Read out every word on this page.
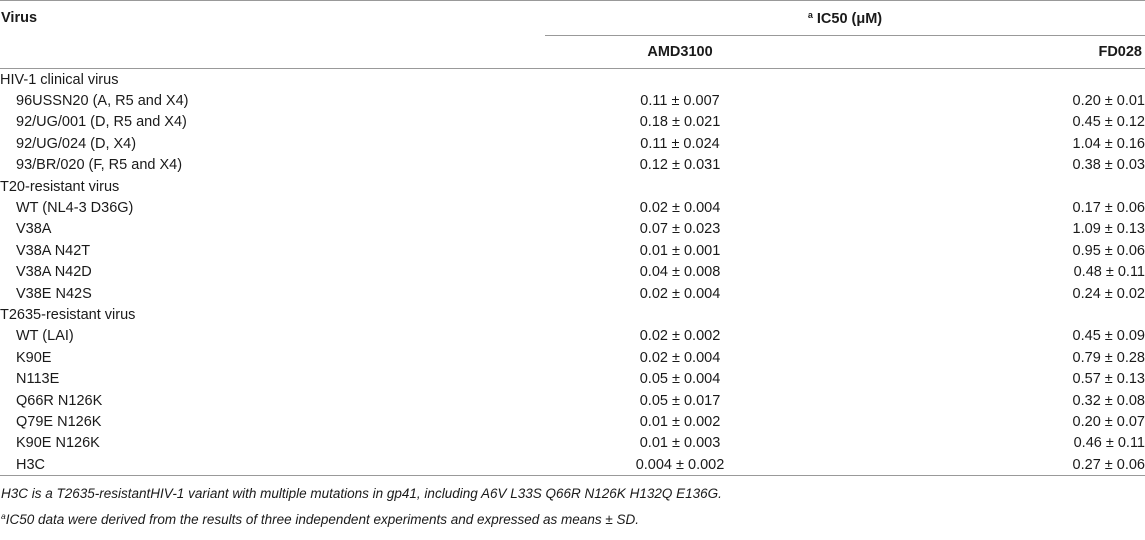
Virus	$^a$ IC50 (μM)	
	AMD3100	FD028
HIV-1 clinical virus		
96USSN20 (A, R5 and X4)	0.11 ± 0.007	0.20 ± 0.01
92/UG/001 (D, R5 and X4)	0.18 ± 0.021	0.45 ± 0.12
92/UG/024 (D, X4)	0.11 ± 0.024	1.04 ± 0.16
93/BR/020 (F, R5 and X4)	0.12 ± 0.031	0.38 ± 0.03
T20-resistant virus		
WT (NL4-3 D36G)	0.02 ± 0.004	0.17 ± 0.06
V38A	0.07 ± 0.023	1.09 ± 0.13
V38A N42T	0.01 ± 0.001	0.95 ± 0.06
V38A N42D	0.04 ± 0.008	0.48 ± 0.11
V38E N42S	0.02 ± 0.004	0.24 ± 0.02
T2635-resistant virus		
WT (LAI)	0.02 ± 0.002	0.45 ± 0.09
K90E	0.02 ± 0.004	0.79 ± 0.28
N113E	0.05 ± 0.004	0.57 ± 0.13
Q66R N126K	0.05 ± 0.017	0.32 ± 0.08
Q79E N126K	0.01 ± 0.002	0.20 ± 0.07
K90E N126K	0.01 ± 0.003	0.46 ± 0.11
H3C	0.004 ± 0.002	0.27 ± 0.06
H3C is a T2635-resistantHIV-1 variant with multiple mutations in gp41, including A6V L33S Q66R N126K H132Q E136G.
$^a$IC50 data were derived from the results of three independent experiments and expressed as means ± SD.
